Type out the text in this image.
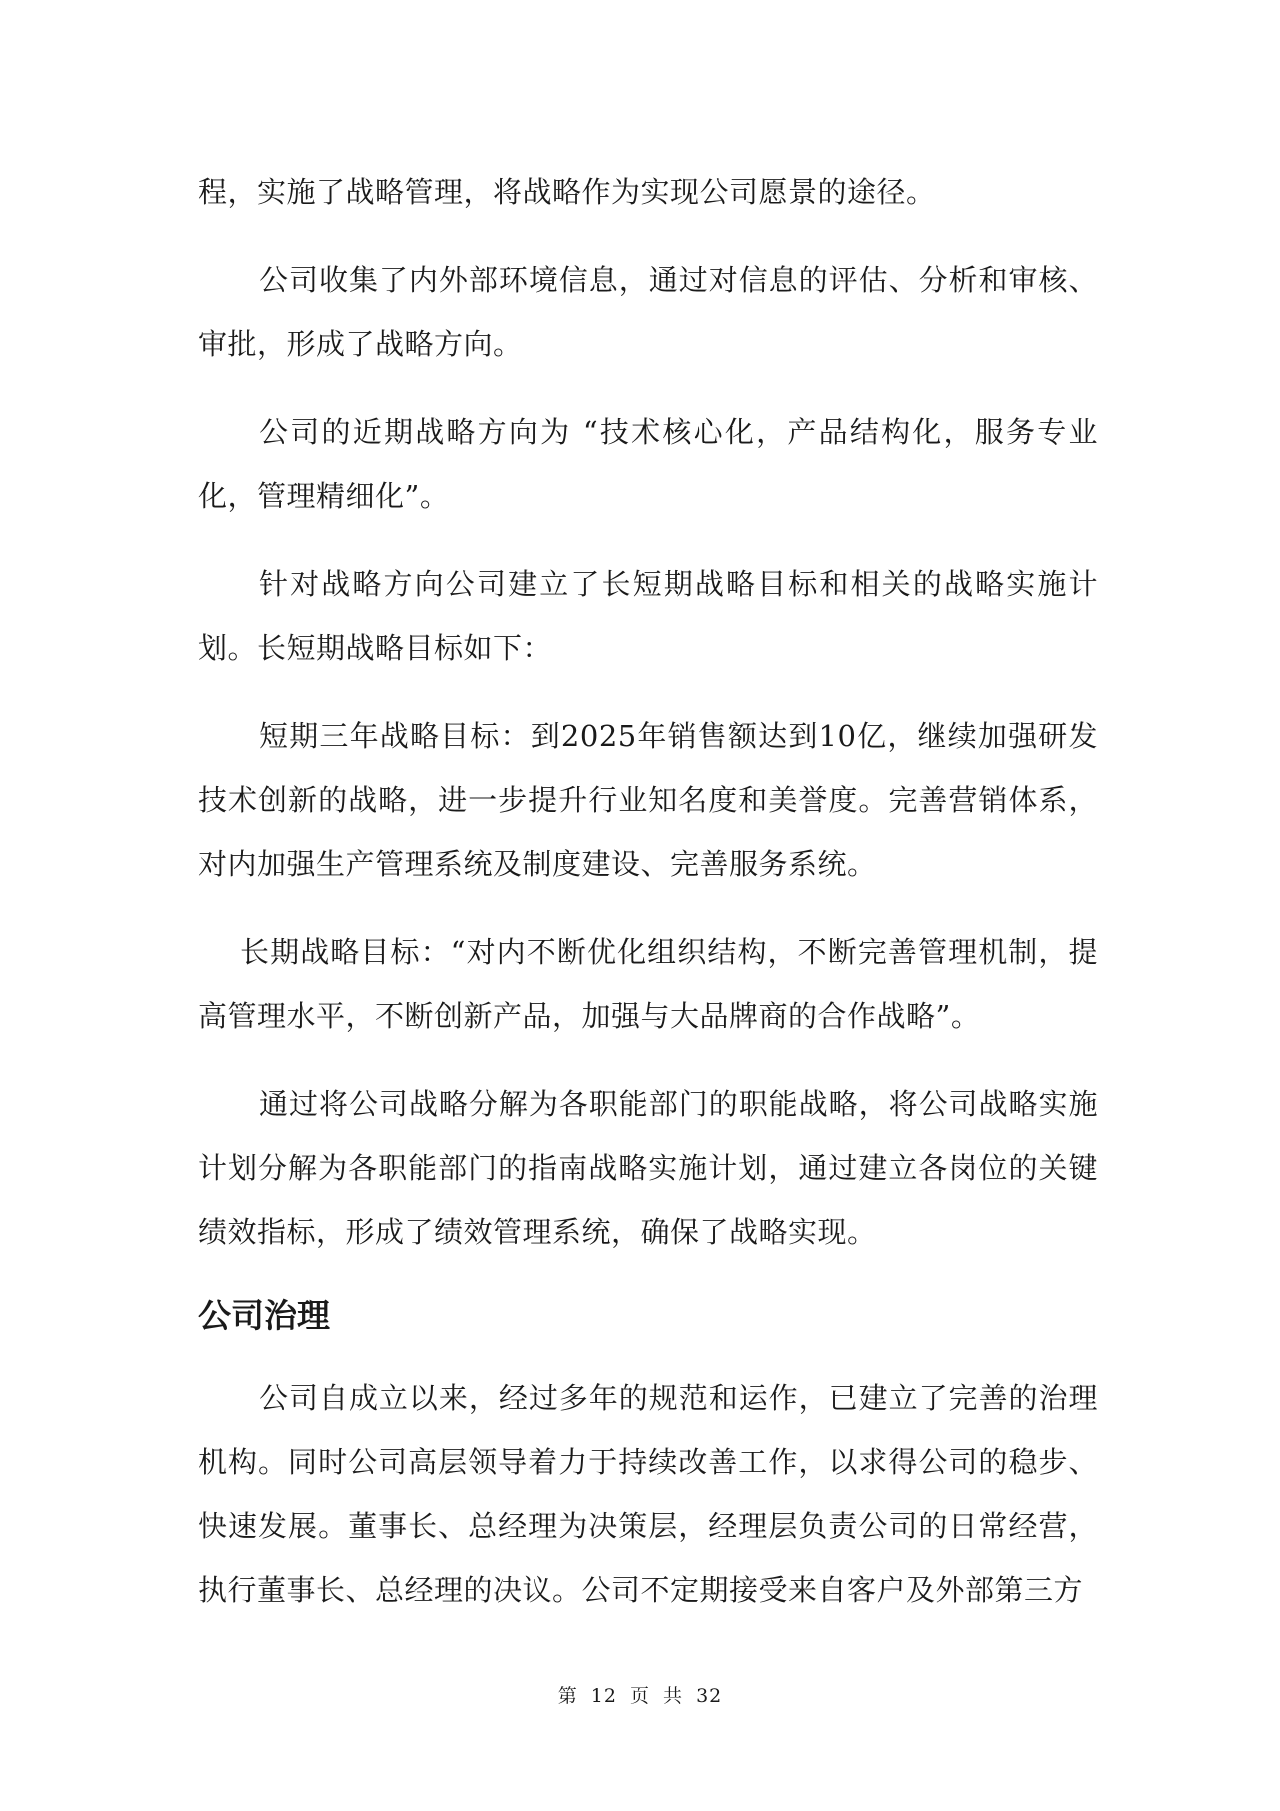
程，实施了战略管理，将战略作为实现公司愿景的途径。

公司收集了内外部环境信息，通过对信息的评估、分析和审核、审批，形成了战略方向。

公司的近期战略方向为 “技术核心化，产品结构化，服务专业化，管理精细化”。

针对战略方向公司建立了长短期战略目标和相关的战略实施计划。长短期战略目标如下：

短期三年战略目标：到2025年销售额达到10亿，继续加强研发技术创新的战略，进一步提升行业知名度和美誉度。完善营销体系，对内加强生产管理系统及制度建设、完善服务系统。

长期战略目标：“对内不断优化组织结构，不断完善管理机制，提高管理水平，不断创新产品，加强与大品牌商的合作战略”。

通过将公司战略分解为各职能部门的职能战略，将公司战略实施计划分解为各职能部门的指南战略实施计划，通过建立各岗位的关键绩效指标，形成了绩效管理系统，确保了战略实现。

公司治理

公司自成立以来，经过多年的规范和运作，已建立了完善的治理机构。同时公司高层领导着力于持续改善工作，以求得公司的稳步、快速发展。董事长、总经理为决策层，经理层负责公司的日常经营，执行董事长、总经理的决议。公司不定期接受来自客户及外部第三方

第 12 页 共 32
